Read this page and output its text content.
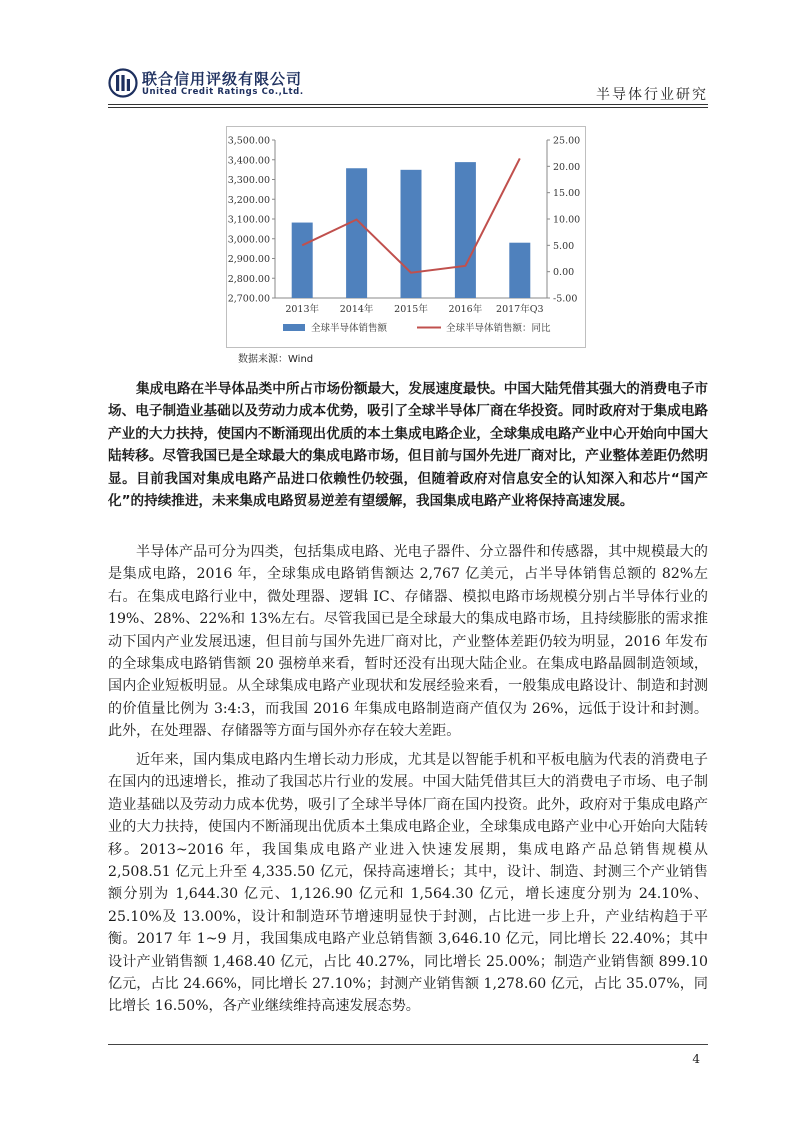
联合信用评级有限公司
United Credit Ratings Co.,Ltd.	半导体行业研究
3,500.00
3,400.00
3,300.00
3,200.00
3,100.00
3,000.00
2,900.00
2,800.00
2,700.00
25.00
20.00
15.00
10.00
5.00
0.00
-5.00
2013年 2014年 2015年 2016年 2017年Q3
全球半导体销售额	全球半导体销售额：同比
数据来源：Wind

集成电路在半导体品类中所占市场份额最大，发展速度最快。中国大陆凭借其强大的消费电子市场、电子制造业基础以及劳动力成本优势，吸引了全球半导体厂商在华投资。同时政府对于集成电路产业的大力扶持，使国内不断涌现出优质的本土集成电路企业，全球集成电路产业中心开始向中国大陆转移。尽管我国已是全球最大的集成电路市场，但目前与国外先进厂商对比，产业整体差距仍然明显。目前我国对集成电路产品进口依赖性仍较强，但随着政府对信息安全的认知深入和芯片“国产化”的持续推进，未来集成电路贸易逆差有望缓解，我国集成电路产业将保持高速发展。

半导体产品可分为四类，包括集成电路、光电子器件、分立器件和传感器，其中规模最大的是集成电路，2016 年，全球集成电路销售额达 2,767 亿美元，占半导体销售总额的 82%左右。在集成电路行业中，微处理器、逻辑 IC、存储器、模拟电路市场规模分别占半导体行业的 19%、28%、22%和 13%左右。尽管我国已是全球最大的集成电路市场，且持续膨胀的需求推动下国内产业发展迅速，但目前与国外先进厂商对比，产业整体差距仍较为明显，2016 年发布的全球集成电路销售额 20 强榜单来看，暂时还没有出现大陆企业。在集成电路晶圆制造领域，国内企业短板明显。从全球集成电路产业现状和发展经验来看，一般集成电路设计、制造和封测的价值量比例为 3:4:3，而我国 2016 年集成电路制造商产值仅为 26%，远低于设计和封测。此外，在处理器、存储器等方面与国外亦存在较大差距。

近年来，国内集成电路内生增长动力形成，尤其是以智能手机和平板电脑为代表的消费电子在国内的迅速增长，推动了我国芯片行业的发展。中国大陆凭借其巨大的消费电子市场、电子制造业基础以及劳动力成本优势，吸引了全球半导体厂商在国内投资。此外，政府对于集成电路产业的大力扶持，使国内不断涌现出优质本土集成电路企业，全球集成电路产业中心开始向大陆转移。2013~2016 年，我国集成电路产业进入快速发展期，集成电路产品总销售规模从 2,508.51 亿元上升至 4,335.50 亿元，保持高速增长；其中，设计、制造、封测三个产业销售额分别为 1,644.30 亿元、1,126.90 亿元和 1,564.30 亿元，增长速度分别为 24.10%、25.10%及 13.00%，设计和制造环节增速明显快于封测，占比进一步上升，产业结构趋于平衡。2017 年 1~9 月，我国集成电路产业总销售额 3,646.10 亿元，同比增长 22.40%；其中设计产业销售额 1,468.40 亿元，占比 40.27%，同比增长 25.00%；制造产业销售额 899.10 亿元，占比 24.66%，同比增长 27.10%；封测产业销售额 1,278.60 亿元，占比 35.07%，同比增长 16.50%，各产业继续维持高速发展态势。

4
